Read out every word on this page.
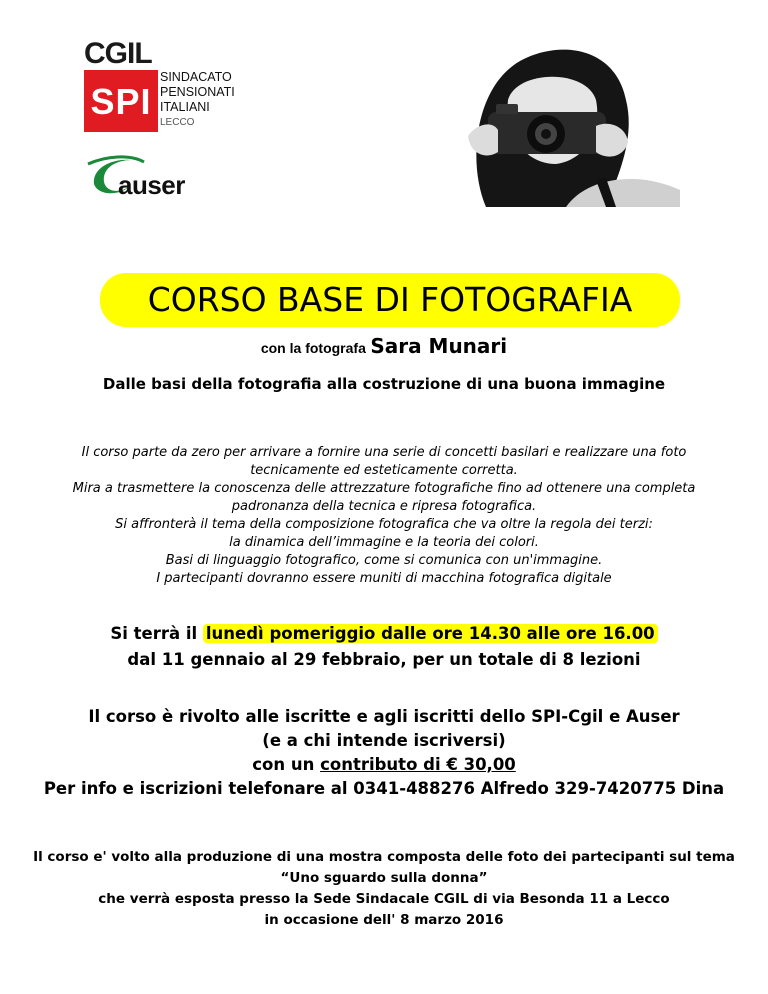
CGIL
SPI
SINDACATO
PENSIONATI
ITALIANI
LECCO
auser
CORSO BASE DI FOTOGRAFIA
con la fotografa Sara Munari
Dalle basi della fotografia alla costruzione di una buona immagine
Il corso parte da zero per arrivare a fornire una serie di concetti basilari e realizzare una foto
tecnicamente ed esteticamente corretta.
Mira a trasmettere la conoscenza delle attrezzature fotografiche fino ad ottenere una completa
padronanza della tecnica e ripresa fotografica.
Si affronterà il tema della composizione fotografica che va oltre la regola dei terzi:
la dinamica dell’immagine e la teoria dei colori.
Basi di linguaggio fotografico, come si comunica con un'immagine.
I partecipanti dovranno essere muniti di macchina fotografica digitale
Si terrà il lunedì pomeriggio dalle ore 14.30 alle ore 16.00
dal 11 gennaio al 29 febbraio, per un totale di 8 lezioni
Il corso è rivolto alle iscritte e agli iscritti dello SPI-Cgil e Auser
(e a chi intende iscriversi)
con un contributo di € 30,00
Per info e iscrizioni telefonare al 0341-488276 Alfredo 329-7420775 Dina
Il corso e' volto alla produzione di una mostra composta delle foto dei partecipanti sul tema
“Uno sguardo sulla donna”
che verrà esposta presso la Sede Sindacale CGIL di via Besonda 11 a Lecco
in occasione dell' 8 marzo 2016
